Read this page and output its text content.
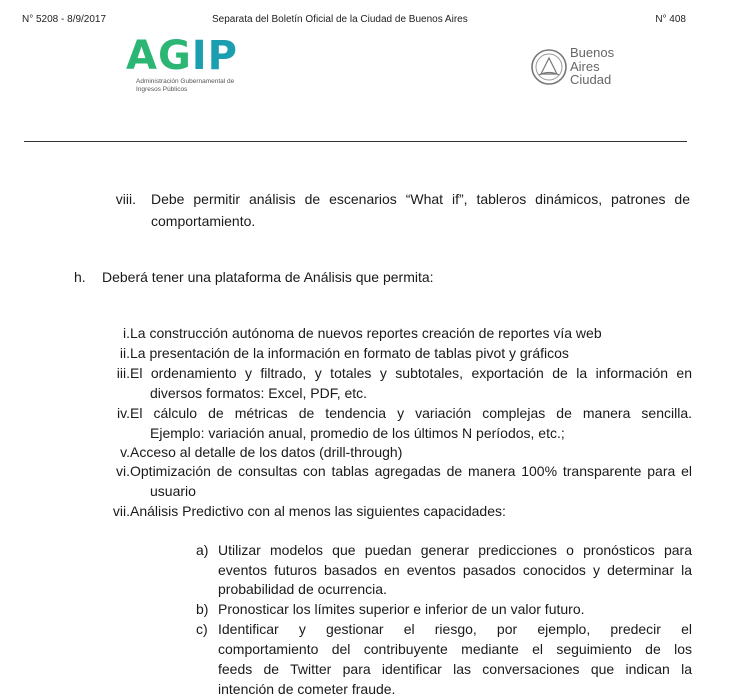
N° 5208 - 8/9/2017	Separata del Boletín Oficial de la Ciudad de Buenos Aires	N° 408
AGIP
Administración Gubernamental de Ingresos Públicos
Buenos
Aires
Ciudad
viii. Debe permitir análisis de escenarios “What if”, tableros dinámicos, patrones de
comportamiento.
h. Deberá tener una plataforma de Análisis que permita:
i. La construcción autónoma de nuevos reportes creación de reportes vía web
ii. La presentación de la información en formato de tablas pivot y gráficos
iii. El ordenamiento y filtrado, y totales y subtotales, exportación de la información en
diversos formatos: Excel, PDF, etc.
iv. El cálculo de métricas de tendencia y variación complejas de manera sencilla.
Ejemplo: variación anual, promedio de los últimos N períodos, etc.;
v. Acceso al detalle de los datos (drill-through)
vi. Optimización de consultas con tablas agregadas de manera 100% transparente para el
usuario
vii. Análisis Predictivo con al menos las siguientes capacidades:
a) Utilizar modelos que puedan generar predicciones o pronósticos para
eventos futuros basados en eventos pasados conocidos y determinar la
probabilidad de ocurrencia.
b) Pronosticar los límites superior e inferior de un valor futuro.
c) Identificar y gestionar el riesgo, por ejemplo, predecir el
comportamiento del contribuyente mediante el seguimiento de los
feeds de Twitter para identificar las conversaciones que indican la
intención de cometer fraude.
